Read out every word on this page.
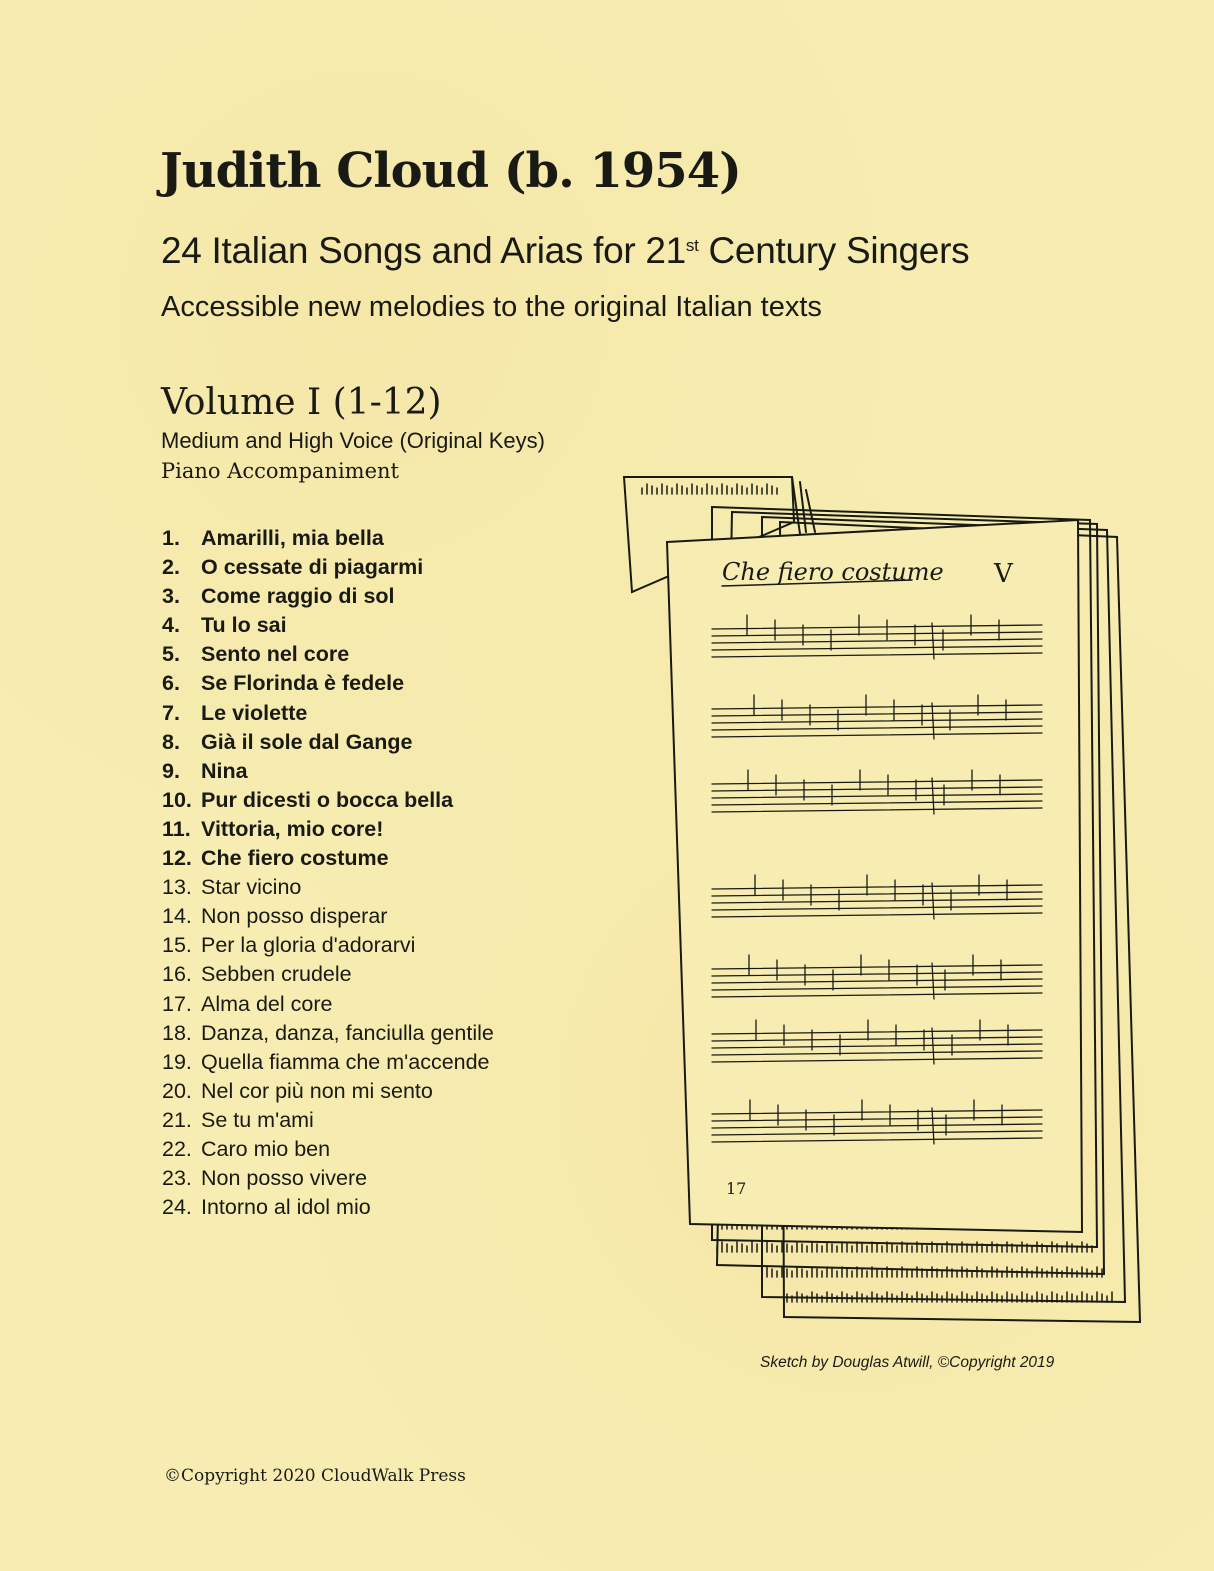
Judith Cloud (b. 1954)
24 Italian Songs and Arias for 21st Century Singers
Accessible new melodies to the original Italian texts
Volume I (1-12)
Medium and High Voice (Original Keys)
Piano Accompaniment
1. Amarilli, mia bella
2. O cessate di piagarmi
3. Come raggio di sol
4. Tu lo sai
5. Sento nel core
6. Se Florinda è fedele
7. Le violette
8. Già il sole dal Gange
9. Nina
10. Pur dicesti o bocca bella
11. Vittoria, mio core!
12. Che fiero costume
13. Star vicino
14. Non posso disperar
15. Per la gloria d'adorarvi
16. Sebben crudele
17. Alma del core
18. Danza, danza, fanciulla gentile
19. Quella fiamma che m'accende
20. Nel cor più non mi sento
21. Se tu m'ami
22. Caro mio ben
23. Non posso vivere
24. Intorno al idol mio
Che fiero costume V
17
Sketch by Douglas Atwill, ©Copyright 2019
©Copyright 2020 CloudWalk Press
